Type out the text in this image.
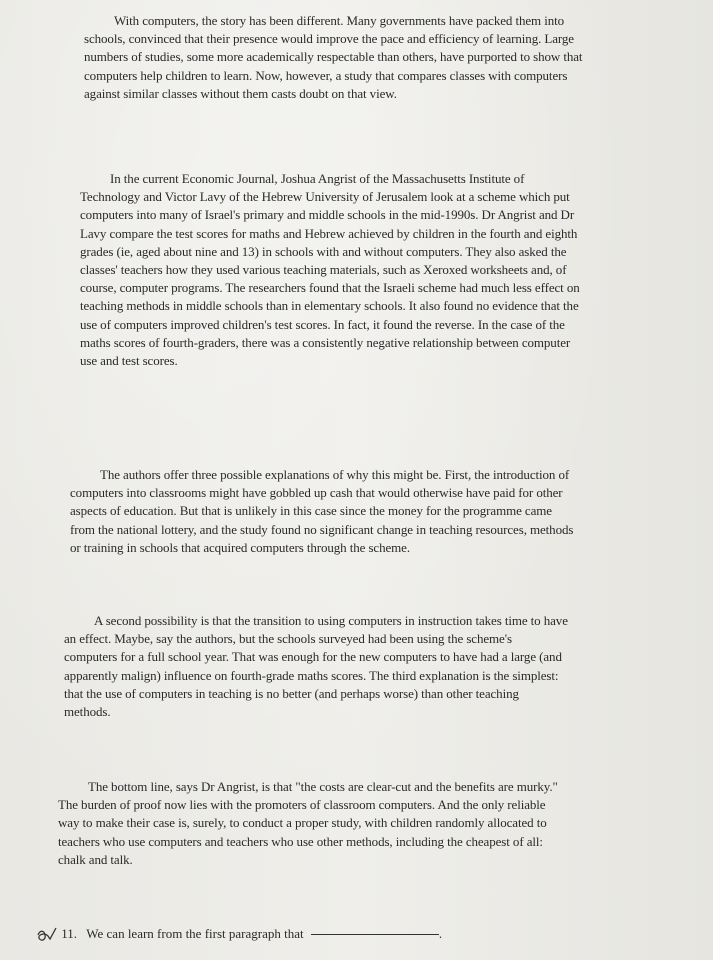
With computers, the story has been different. Many governments have packed them into
schools, convinced that their presence would improve the pace and efficiency of learning. Large
numbers of studies, some more academically respectable than others, have purported to show that
computers help children to learn. Now, however, a study that compares classes with computers
against similar classes without them casts doubt on that view.
In the current Economic Journal, Joshua Angrist of the Massachusetts Institute of
Technology and Victor Lavy of the Hebrew University of Jerusalem look at a scheme which put
computers into many of Israel's primary and middle schools in the mid-1990s. Dr Angrist and Dr
Lavy compare the test scores for maths and Hebrew achieved by children in the fourth and eighth
grades (ie, aged about nine and 13) in schools with and without computers. They also asked the
classes' teachers how they used various teaching materials, such as Xeroxed worksheets and, of
course, computer programs. The researchers found that the Israeli scheme had much less effect on
teaching methods in middle schools than in elementary schools. It also found no evidence that the
use of computers improved children's test scores. In fact, it found the reverse. In the case of the
maths scores of fourth-graders, there was a consistently negative relationship between computer
use and test scores.
The authors offer three possible explanations of why this might be. First, the introduction of
computers into classrooms might have gobbled up cash that would otherwise have paid for other
aspects of education. But that is unlikely in this case since the money for the programme came
from the national lottery, and the study found no significant change in teaching resources, methods
or training in schools that acquired computers through the scheme.
A second possibility is that the transition to using computers in instruction takes time to have
an effect. Maybe, say the authors, but the schools surveyed had been using the scheme's
computers for a full school year. That was enough for the new computers to have had a large (and
apparently malign) influence on fourth-grade maths scores. The third explanation is the simplest:
that the use of computers in teaching is no better (and perhaps worse) than other teaching
methods.
The bottom line, says Dr Angrist, is that "the costs are clear-cut and the benefits are murky."
The burden of proof now lies with the promoters of classroom computers. And the only reliable
way to make their case is, surely, to conduct a proper study, with children randomly allocated to
teachers who use computers and teachers who use other methods, including the cheapest of all:
chalk and talk.
11. We can learn from the first paragraph that	.
